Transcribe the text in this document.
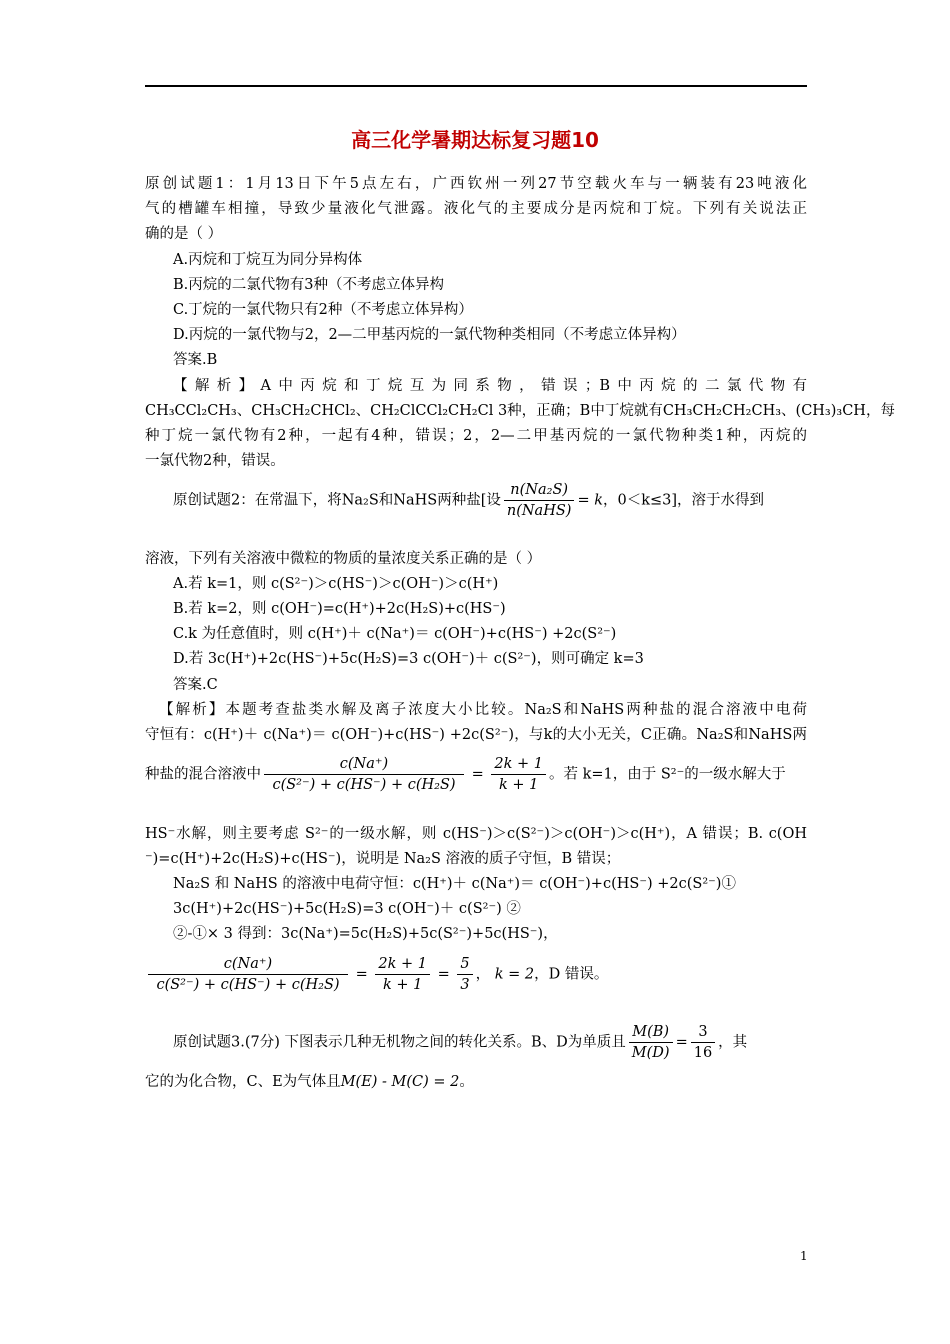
高三化学暑期达标复习题10
原创试题1：1月13日下午5点左右，广西钦州一列27节空载火车与一辆装有23吨液化
气的槽罐车相撞，导致少量液化气泄露。液化气的主要成分是丙烷和丁烷。下列有关说法正
确的是（ ）
A.丙烷和丁烷互为同分异构体
B.丙烷的二氯代物有3种（不考虑立体异构
C.丁烷的一氯代物只有2种（不考虑立体异构）
D.丙烷的一氯代物与2，2—二甲基丙烷的一氯代物种类相同（不考虑立体异构）
答案.B
【解析】A中丙烷和丁烷互为同系物，错误；B中丙烷的二氯代物有
CH₃CCl₂CH₃、CH₃CH₂CHCl₂、CH₂ClCCl₂CH₂Cl 3种，正确；B中丁烷就有CH₃CH₂CH₂CH₃、(CH₃)₃CH，每
种丁烷一氯代物有2种，一起有4种，错误；2，2—二甲基丙烷的一氯代物种类1种，丙烷的
一氯代物2种，错误。
原创试题2：在常温下，将Na₂S和NaHS两种盐[设 $\frac{\text{n(Na₂S)}}{\text{n(NaHS)}} = k$，0＜k≤3]，溶于水得到
溶液，下列有关溶液中微粒的物质的量浓度关系正确的是（ ）
A.若 k=1，则 c(S²⁻)＞c(HS⁻)＞c(OH⁻)＞c(H⁺)
B.若 k=2，则 c(OH⁻)=c(H⁺)+2c(H₂S)+c(HS⁻)
C.k 为任意值时，则 c(H⁺)＋ c(Na⁺)＝ c(OH⁻)+c(HS⁻) +2c(S²⁻)
D.若 3c(H⁺)+2c(HS⁻)+5c(H₂S)=3 c(OH⁻)＋ c(S²⁻)，则可确定 k=3
答案.C
【解析】本题考查盐类水解及离子浓度大小比较。Na₂S和NaHS两种盐的混合溶液中电荷
守恒有：c(H⁺)＋ c(Na⁺)＝ c(OH⁻)+c(HS⁻) +2c(S²⁻)，与k的大小无关，C正确。Na₂S和NaHS两
种盐的混合溶液中 $\frac{c(Na^+)}{\text{c(S²⁻) + c(HS⁻) + c(H₂S)}} = \frac{2k + 1}{k + 1}$ 。若 k=1，由于 S²⁻的一级水解大于
HS⁻水解，则主要考虑 S²⁻的一级水解，则 c(HS⁻)＞c(S²⁻)＞c(OH⁻)＞c(H⁺)，A 错误；B. c(OH
⁻)=c(H⁺)+2c(H₂S)+c(HS⁻)，说明是 Na₂S 溶液的质子守恒，B 错误；
Na₂S 和 NaHS 的溶液中电荷守恒：c(H⁺)＋ c(Na⁺)＝ c(OH⁻)+c(HS⁻) +2c(S²⁻)①
3c(H⁺)+2c(HS⁻)+5c(H₂S)=3 c(OH⁻)＋ c(S²⁻) ②
②-①× 3 得到：3c(Na⁺)=5c(H₂S)+5c(S²⁻)+5c(HS⁻)，
$\frac{c(Na^+)}{\text{c(S²⁻) + c(HS⁻) + c(H₂S)}} = \frac{2k + 1}{k + 1} = \frac{5}{3}$ ， k = 2，D 错误。
原创试题3.(7分) 下图表示几种无机物之间的转化关系。B、D为单质且 $\frac{M(B)}{M(D)} = \frac{3}{16}$ ，其
它的为化合物，C、E为气体且M(E) - M(C) = 2。
1
